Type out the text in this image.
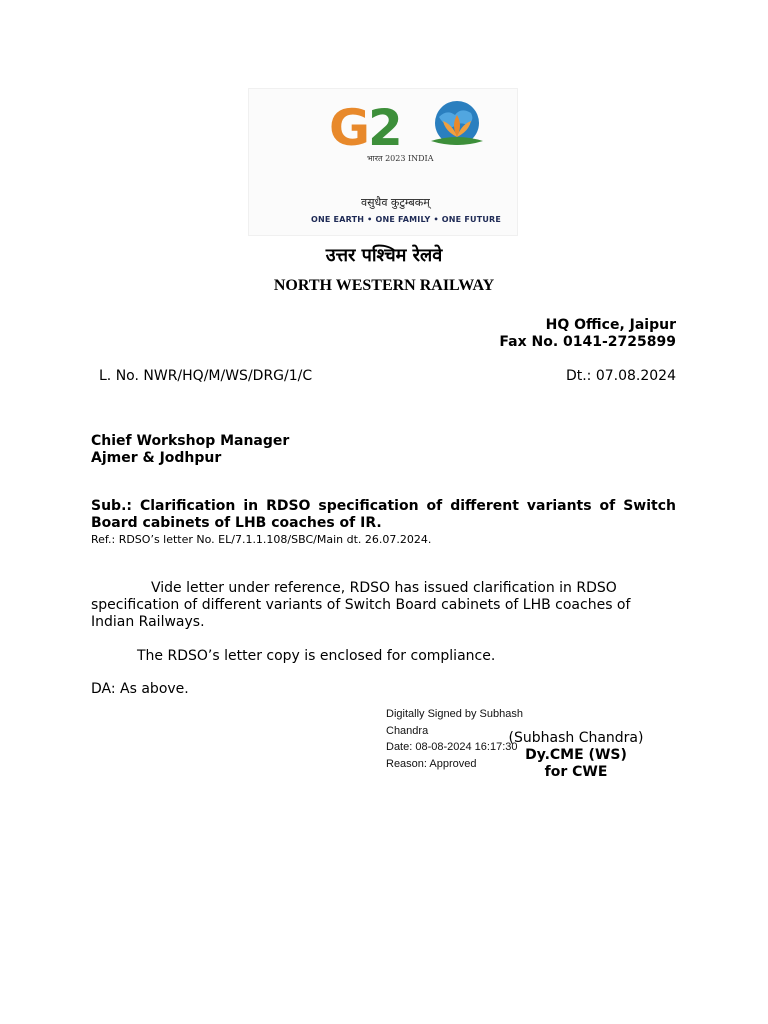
G2
भारत 2023 INDIA
वसुधैव कुटुम्बकम्
ONE EARTH • ONE FAMILY • ONE FUTURE
उत्तर पश्चिम रेलवे
NORTH WESTERN RAILWAY
HQ Office, Jaipur
Fax No. 0141-2725899
L. No. NWR/HQ/M/WS/DRG/1/C	Dt.: 07.08.2024
Chief Workshop Manager
Ajmer & Jodhpur
Sub.: Clarification in RDSO specification of different variants of Switch Board cabinets of LHB coaches of IR.
Ref.: RDSO’s letter No. EL/7.1.1.108/SBC/Main dt. 26.07.2024.
Vide letter under reference, RDSO has issued clarification in RDSO specification of different variants of Switch Board cabinets of LHB coaches of Indian Railways.
The RDSO’s letter copy is enclosed for compliance.
DA: As above.
Digitally Signed by Subhash
Chandra
Date: 08-08-2024 16:17:30
Reason: Approved
(Subhash Chandra)
Dy.CME (WS)
for CWE
